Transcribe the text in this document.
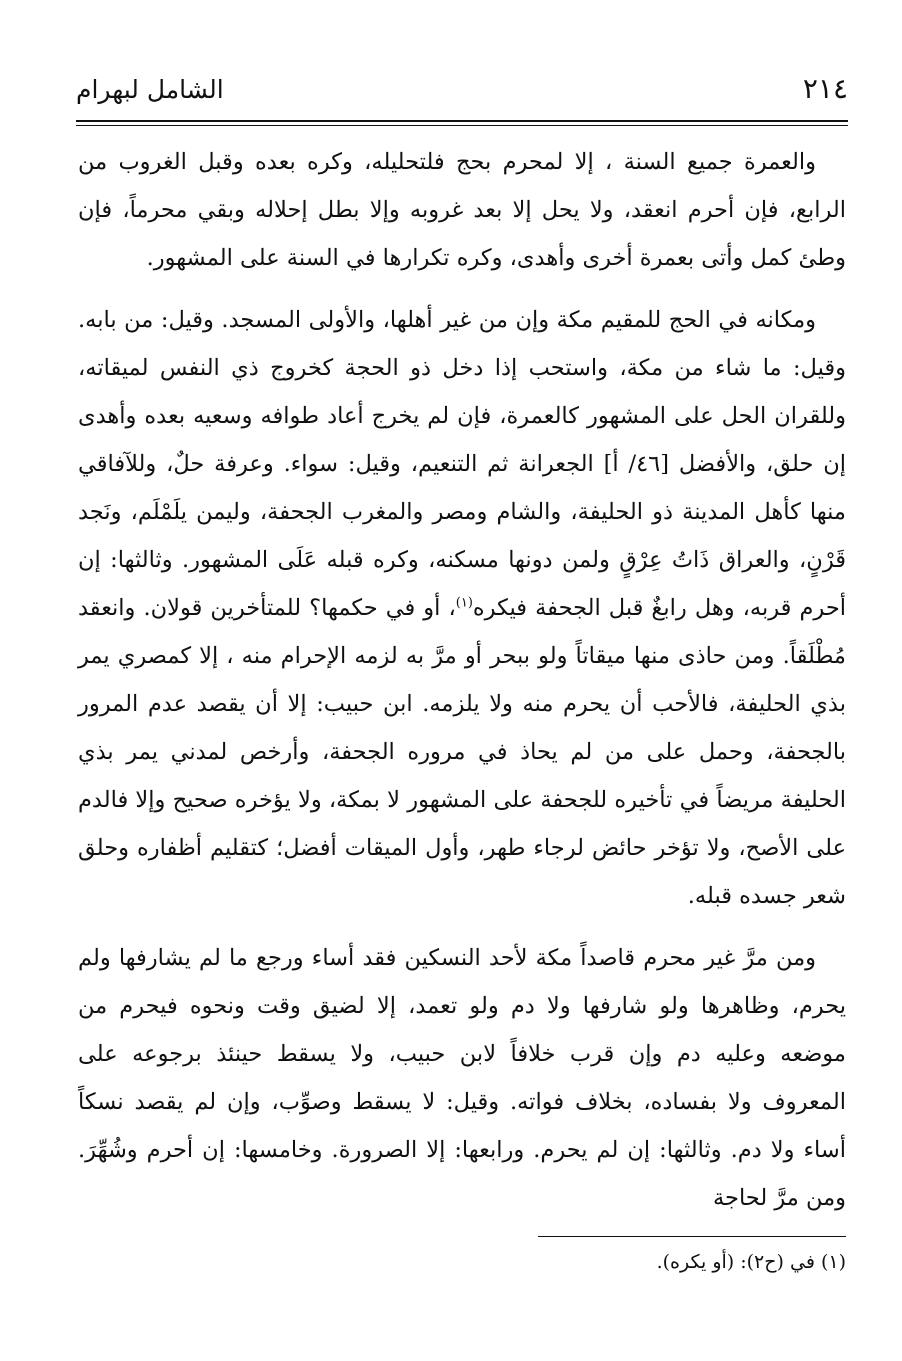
٢١٤
الشامل لبهرام

والعمرة جميع السنة ، إلا لمحرم بحج فلتحليله، وكره بعده وقبل الغروب من الرابع، فإن أحرم انعقد، ولا يحل إلا بعد غروبه وإلا بطل إحلاله وبقي محرماً، فإن وطئ كمل وأتى بعمرة أخرى وأهدى، وكره تكرارها في السنة على المشهور.

ومكانه في الحج للمقيم مكة وإن من غير أهلها، والأولى المسجد. وقيل: من بابه. وقيل: ما شاء من مكة، واستحب إذا دخل ذو الحجة كخروج ذي النفس لميقاته، وللقران الحل على المشهور كالعمرة، فإن لم يخرج أعاد طوافه وسعيه بعده وأهدى إن حلق، والأفضل [٤٦/ أ] الجعرانة ثم التنعيم، وقيل: سواء. وعرفة حلٌ، وللآفاقي منها كأهل المدينة ذو الحليفة، والشام ومصر والمغرب الجحفة، وليمن يلَمْلَم، ونَجد قَرْنٍ، والعراق ذَاتُ عِرْقٍ ولمن دونها مسكنه، وكره قبله عَلَى المشهور. وثالثها: إن أحرم قربه، وهل رابغٌ قبل الجحفة فيكره$^{(١)}$، أو في حكمها؟ للمتأخرين قولان. وانعقد مُطْلَقاً. ومن حاذى منها ميقاتاً ولو ببحر أو مرَّ به لزمه الإحرام منه ، إلا كمصري يمر بذي الحليفة، فالأحب أن يحرم منه ولا يلزمه. ابن حبيب: إلا أن يقصد عدم المرور بالجحفة، وحمل على من لم يحاذ في مروره الجحفة، وأرخص لمدني يمر بذي الحليفة مريضاً في تأخيره للجحفة على المشهور لا بمكة، ولا يؤخره صحيح وإلا فالدم على الأصح، ولا تؤخر حائض لرجاء طهر، وأول الميقات أفضل؛ كتقليم أظفاره وحلق شعر جسده قبله.

ومن مرَّ غير محرم قاصداً مكة لأحد النسكين فقد أساء ورجع ما لم يشارفها ولم يحرم، وظاهرها ولو شارفها ولا دم ولو تعمد، إلا لضيق وقت ونحوه فيحرم من موضعه وعليه دم وإن قرب خلافاً لابن حبيب، ولا يسقط حينئذ برجوعه على المعروف ولا بفساده، بخلاف فواته. وقيل: لا يسقط وصوِّب، وإن لم يقصد نسكاً أساء ولا دم. وثالثها: إن لم يحرم. ورابعها: إلا الصرورة. وخامسها: إن أحرم وشُهِّرَ. ومن مرَّ لحاجة

(١) في (ح٢): (أو يكره).
